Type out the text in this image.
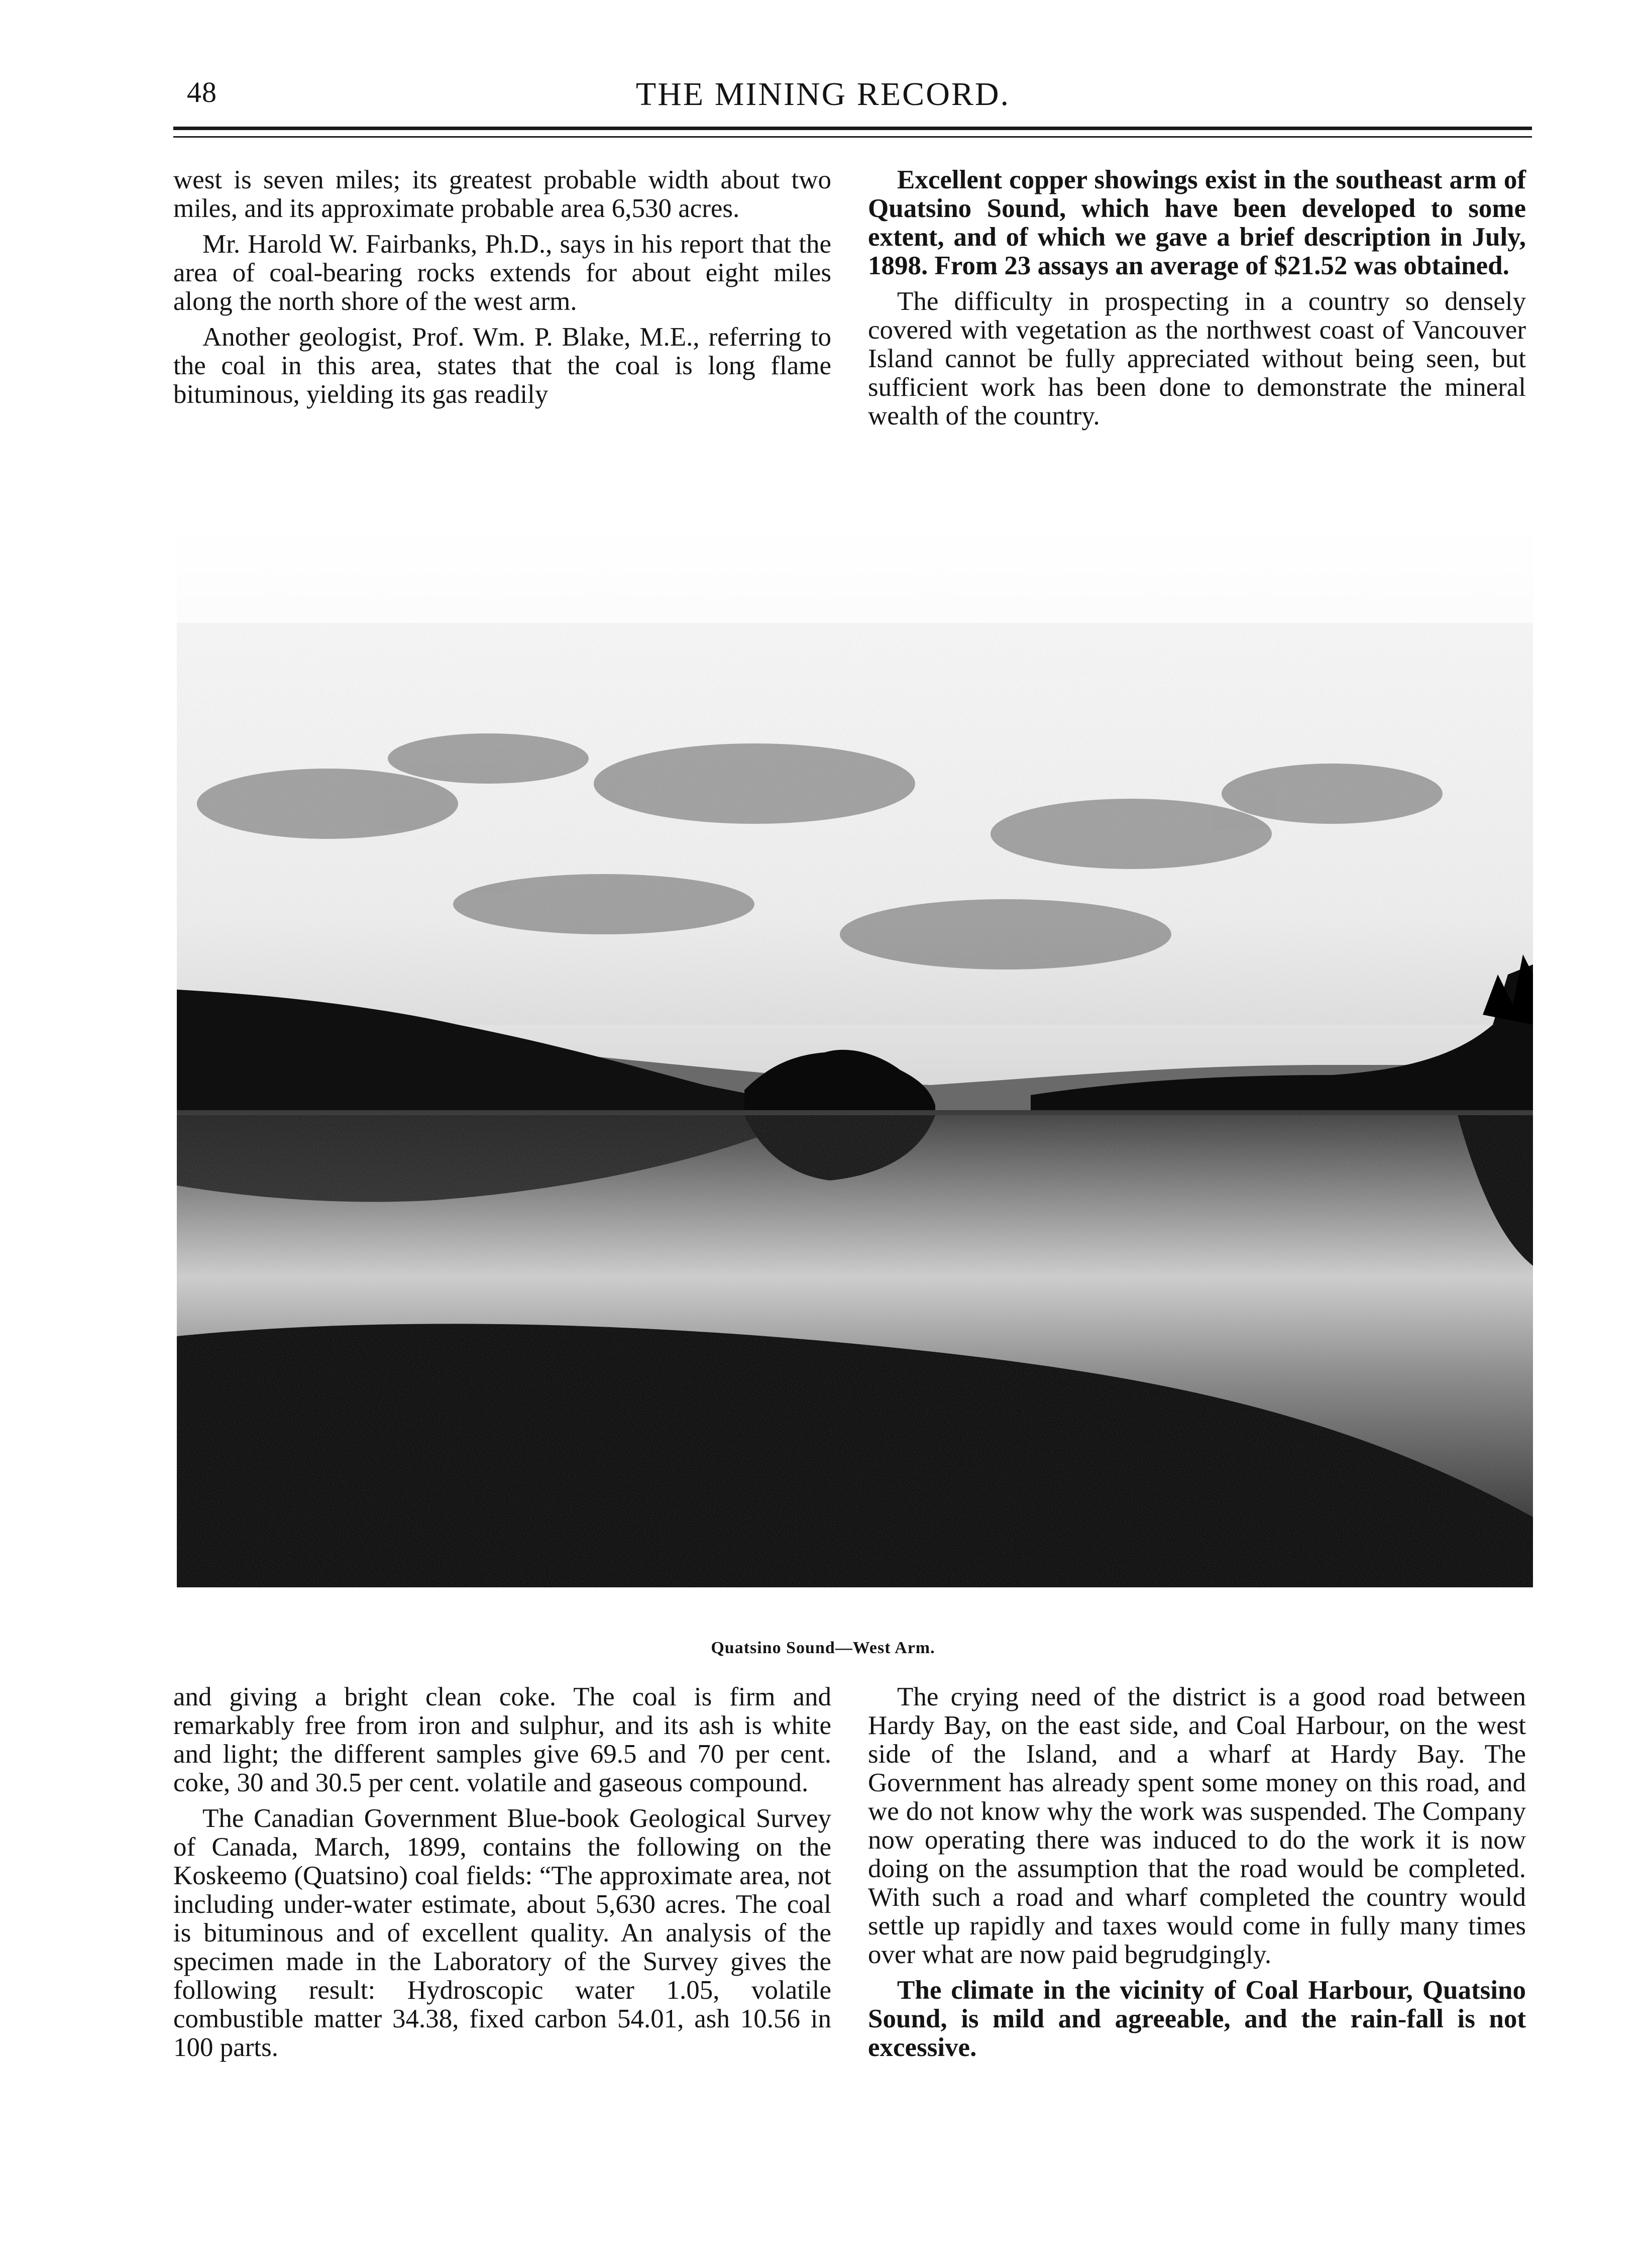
48	THE MINING RECORD.

west is seven miles; its greatest probable width about two miles, and its approximate probable area 6,530 acres.

Mr. Harold W. Fairbanks, Ph.D., says in his report that the area of coal-bearing rocks extends for about eight miles along the north shore of the west arm.

Another geologist, Prof. Wm. P. Blake, M.E., referring to the coal in this area, states that the coal is long flame bituminous, yielding its gas readily

Excellent copper showings exist in the southeast arm of Quatsino Sound, which have been developed to some extent, and of which we gave a brief description in July, 1898. From 23 assays an average of $21.52 was obtained.

The difficulty in prospecting in a country so densely covered with vegetation as the northwest coast of Vancouver Island cannot be fully appreciated without being seen, but sufficient work has been done to demonstrate the mineral wealth of the country.

Quatsino Sound—West Arm.

and giving a bright clean coke. The coal is firm and remarkably free from iron and sulphur, and its ash is white and light; the different samples give 69.5 and 70 per cent. coke, 30 and 30.5 per cent. volatile and gaseous compound.

The Canadian Government Blue-book Geological Survey of Canada, March, 1899, contains the following on the Koskeemo (Quatsino) coal fields: “The approximate area, not including under-water estimate, about 5,630 acres. The coal is bituminous and of excellent quality. An analysis of the specimen made in the Laboratory of the Survey gives the following result: Hydroscopic water 1.05, volatile combustible matter 34.38, fixed carbon 54.01, ash 10.56 in 100 parts.

The crying need of the district is a good road between Hardy Bay, on the east side, and Coal Harbour, on the west side of the Island, and a wharf at Hardy Bay. The Government has already spent some money on this road, and we do not know why the work was suspended. The Company now operating there was induced to do the work it is now doing on the assumption that the road would be completed. With such a road and wharf completed the country would settle up rapidly and taxes would come in fully many times over what are now paid begrudgingly.

The climate in the vicinity of Coal Harbour, Quatsino Sound, is mild and agreeable, and the rain-fall is not excessive.
